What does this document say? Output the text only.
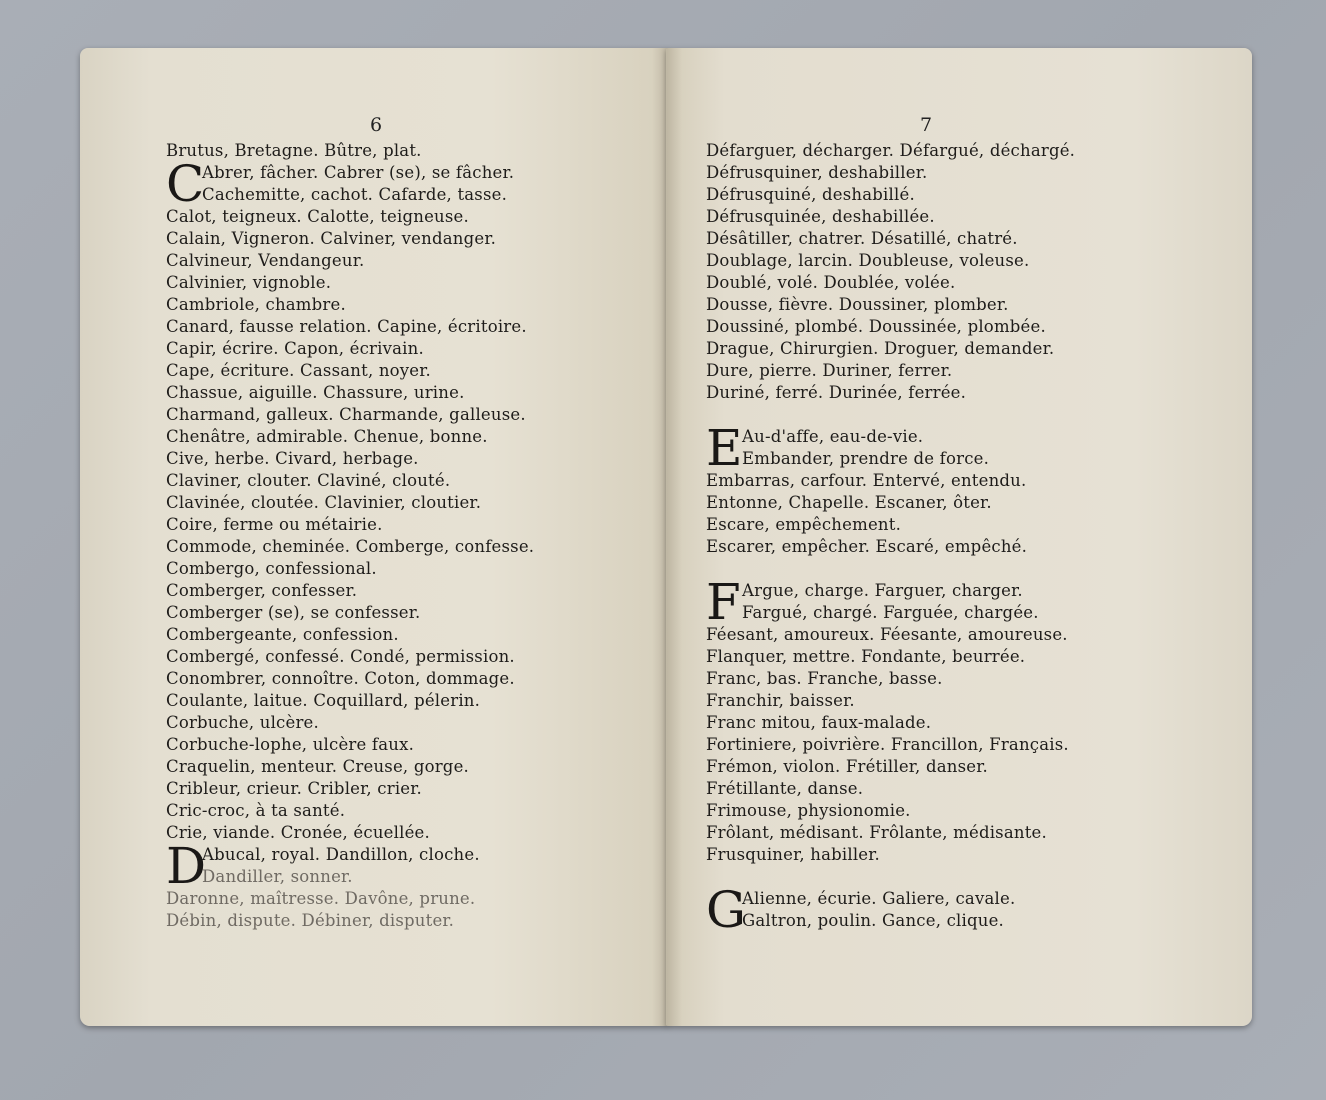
6
Brutus, Bretagne. Bûtre, plat.
C
Abrer, fâcher. Cabrer (se), se fâcher.
Cachemitte, cachot. Cafarde, tasse.
Calot, teigneux. Calotte, teigneuse.
Calain, Vigneron. Calviner, vendanger.
Calvineur, Vendangeur.
Calvinier, vignoble.
Cambriole, chambre.
Canard, fausse relation. Capine, écritoire.
Capir, écrire. Capon, écrivain.
Cape, écriture. Cassant, noyer.
Chassue, aiguille. Chassure, urine.
Charmand, galleux. Charmande, galleuse.
Chenâtre, admirable. Chenue, bonne.
Cive, herbe. Civard, herbage.
Claviner, clouter. Claviné, clouté.
Clavinée, cloutée. Clavinier, cloutier.
Coire, ferme ou métairie.
Commode, cheminée. Comberge, confesse.
Combergo, confessional.
Comberger, confesser.
Comberger (se), se confesser.
Combergeante, confession.
Combergé, confessé. Condé, permission.
Conombrer, connoître. Coton, dommage.
Coulante, laitue. Coquillard, pélerin.
Corbuche, ulcère.
Corbuche-lophe, ulcère faux.
Craquelin, menteur. Creuse, gorge.
Cribleur, crieur. Cribler, crier.
Cric-croc, à ta santé.
Crie, viande. Cronée, écuellée.
D
Abucal, royal. Dandillon, cloche.
Dandiller, sonner.
Daronne, maîtresse. Davône, prune.
Débin, dispute. Débiner, disputer.
7
Défarguer, décharger. Défargué, déchargé.
Défrusquiner, deshabiller.
Défrusquiné, deshabillé.
Défrusquinée, deshabillée.
Désâtiller, chatrer. Désatillé, chatré.
Doublage, larcin. Doubleuse, voleuse.
Doublé, volé. Doublée, volée.
Dousse, fièvre. Doussiner, plomber.
Doussiné, plombé. Doussinée, plombée.
Drague, Chirurgien. Droguer, demander.
Dure, pierre. Duriner, ferrer.
Duriné, ferré. Durinée, ferrée.
E Au-d'affe, eau-de-vie.
Embander, prendre de force.
Embarras, carfour. Entervé, entendu.
Entonne, Chapelle. Escaner, ôter.
Escare, empêchement.
Escarer, empêcher. Escaré, empêché.
F Argue, charge. Farguer, charger.
Fargué, chargé. Farguée, chargée.
Féesant, amoureux. Féesante, amoureuse.
Flanquer, mettre. Fondante, beurrée.
Franc, bas. Franche, basse.
Franchir, baisser.
Franc mitou, faux-malade.
Fortiniere, poivrière. Francillon, Français.
Frémon, violon. Frétiller, danser.
Frétillante, danse.
Frimouse, physionomie.
Frôlant, médisant. Frôlante, médisante.
Frusquiner, habiller.
G
Alienne, écurie. Galiere, cavale.
Galtron, poulin. Gance, clique.
